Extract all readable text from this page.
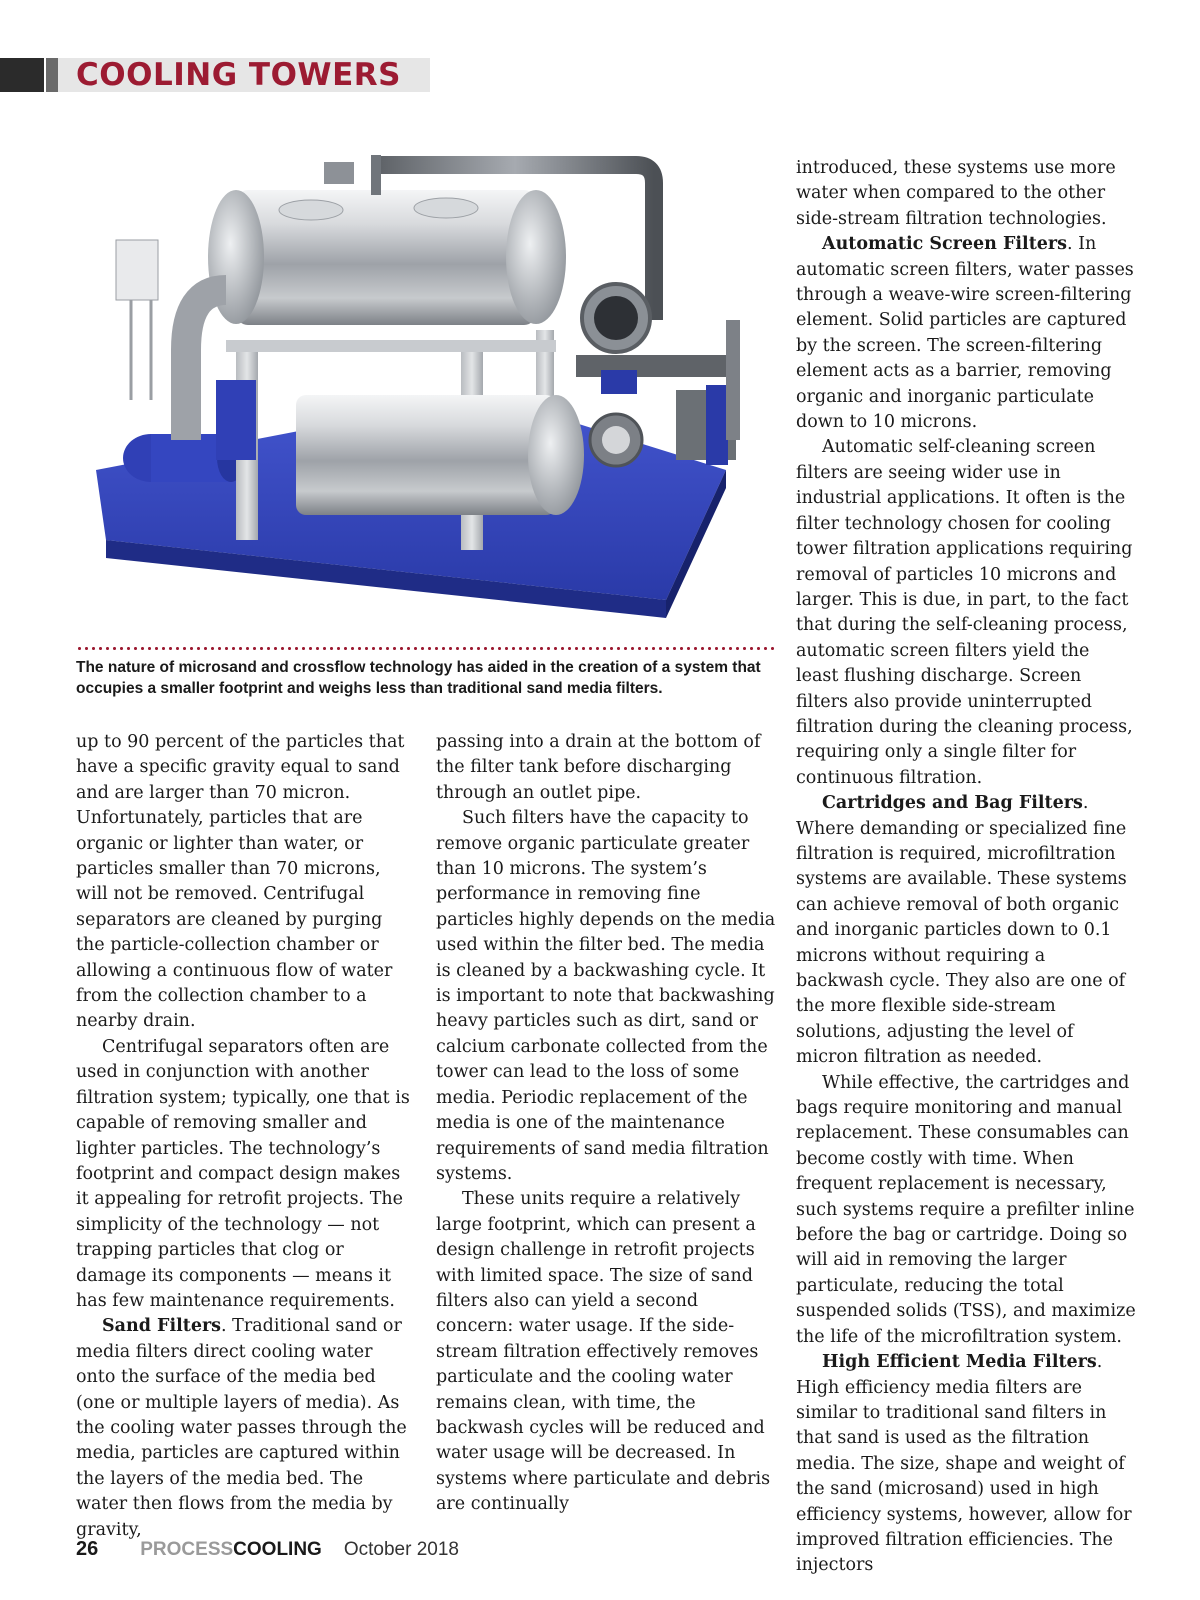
COOLING TOWERS
The nature of microsand and crossflow technology has aided in the creation of a system that occupies a smaller footprint and weighs less than traditional sand media filters.

up to 90 percent of the particles that have a specific gravity equal to sand and are larger than 70 micron. Unfortunately, particles that are organic or lighter than water, or particles smaller than 70 microns, will not be removed. Centrifugal separators are cleaned by purging the particle-collection chamber or allowing a continuous flow of water from the collection chamber to a nearby drain.

Centrifugal separators often are used in conjunction with another filtration system; typically, one that is capable of removing smaller and lighter particles. The technology’s footprint and compact design makes it appealing for retrofit projects. The simplicity of the technology — not trapping particles that clog or damage its components — means it has few maintenance requirements.

Sand Filters. Traditional sand or media filters direct cooling water onto the surface of the media bed (one or multiple layers of media). As the cooling water passes through the media, particles are captured within the layers of the media bed. The water then flows from the media by gravity,

passing into a drain at the bottom of the filter tank before discharging through an outlet pipe.

Such filters have the capacity to remove organic particulate greater than 10 microns. The system’s performance in removing fine particles highly depends on the media used within the filter bed. The media is cleaned by a backwashing cycle. It is important to note that backwashing heavy particles such as dirt, sand or calcium carbonate collected from the tower can lead to the loss of some media. Periodic replacement of the media is one of the maintenance requirements of sand media filtration systems.

These units require a relatively large footprint, which can present a design challenge in retrofit projects with limited space. The size of sand filters also can yield a second concern: water usage. If the side-stream filtration effectively removes particulate and the cooling water remains clean, with time, the backwash cycles will be reduced and water usage will be decreased. In systems where particulate and debris are continually

introduced, these systems use more water when compared to the other side-stream filtration technologies.

Automatic Screen Filters. In automatic screen filters, water passes through a weave-wire screen-filtering element. Solid particles are captured by the screen. The screen-filtering element acts as a barrier, removing organic and inorganic particulate down to 10 microns.

Automatic self-cleaning screen filters are seeing wider use in industrial applications. It often is the filter technology chosen for cooling tower filtration applications requiring removal of particles 10 microns and larger. This is due, in part, to the fact that during the self-cleaning process, automatic screen filters yield the least flushing discharge. Screen filters also provide uninterrupted filtration during the cleaning process, requiring only a single filter for continuous filtration.

Cartridges and Bag Filters. Where demanding or specialized fine filtration is required, microfiltration systems are available. These systems can achieve removal of both organic and inorganic particles down to 0.1 microns without requiring a backwash cycle. They also are one of the more flexible side-stream solutions, adjusting the level of micron filtration as needed.

While effective, the cartridges and bags require monitoring and manual replacement. These consumables can become costly with time. When frequent replacement is necessary, such systems require a prefilter inline before the bag or cartridge. Doing so will aid in removing the larger particulate, reducing the total suspended solids (TSS), and maximize the life of the microfiltration system.

High Efficient Media Filters. High efficiency media filters are similar to traditional sand filters in that sand is used as the filtration media. The size, shape and weight of the sand (microsand) used in high efficiency systems, however, allow for improved filtration efficiencies. The injectors

26 PROCESS COOLING October 2018
